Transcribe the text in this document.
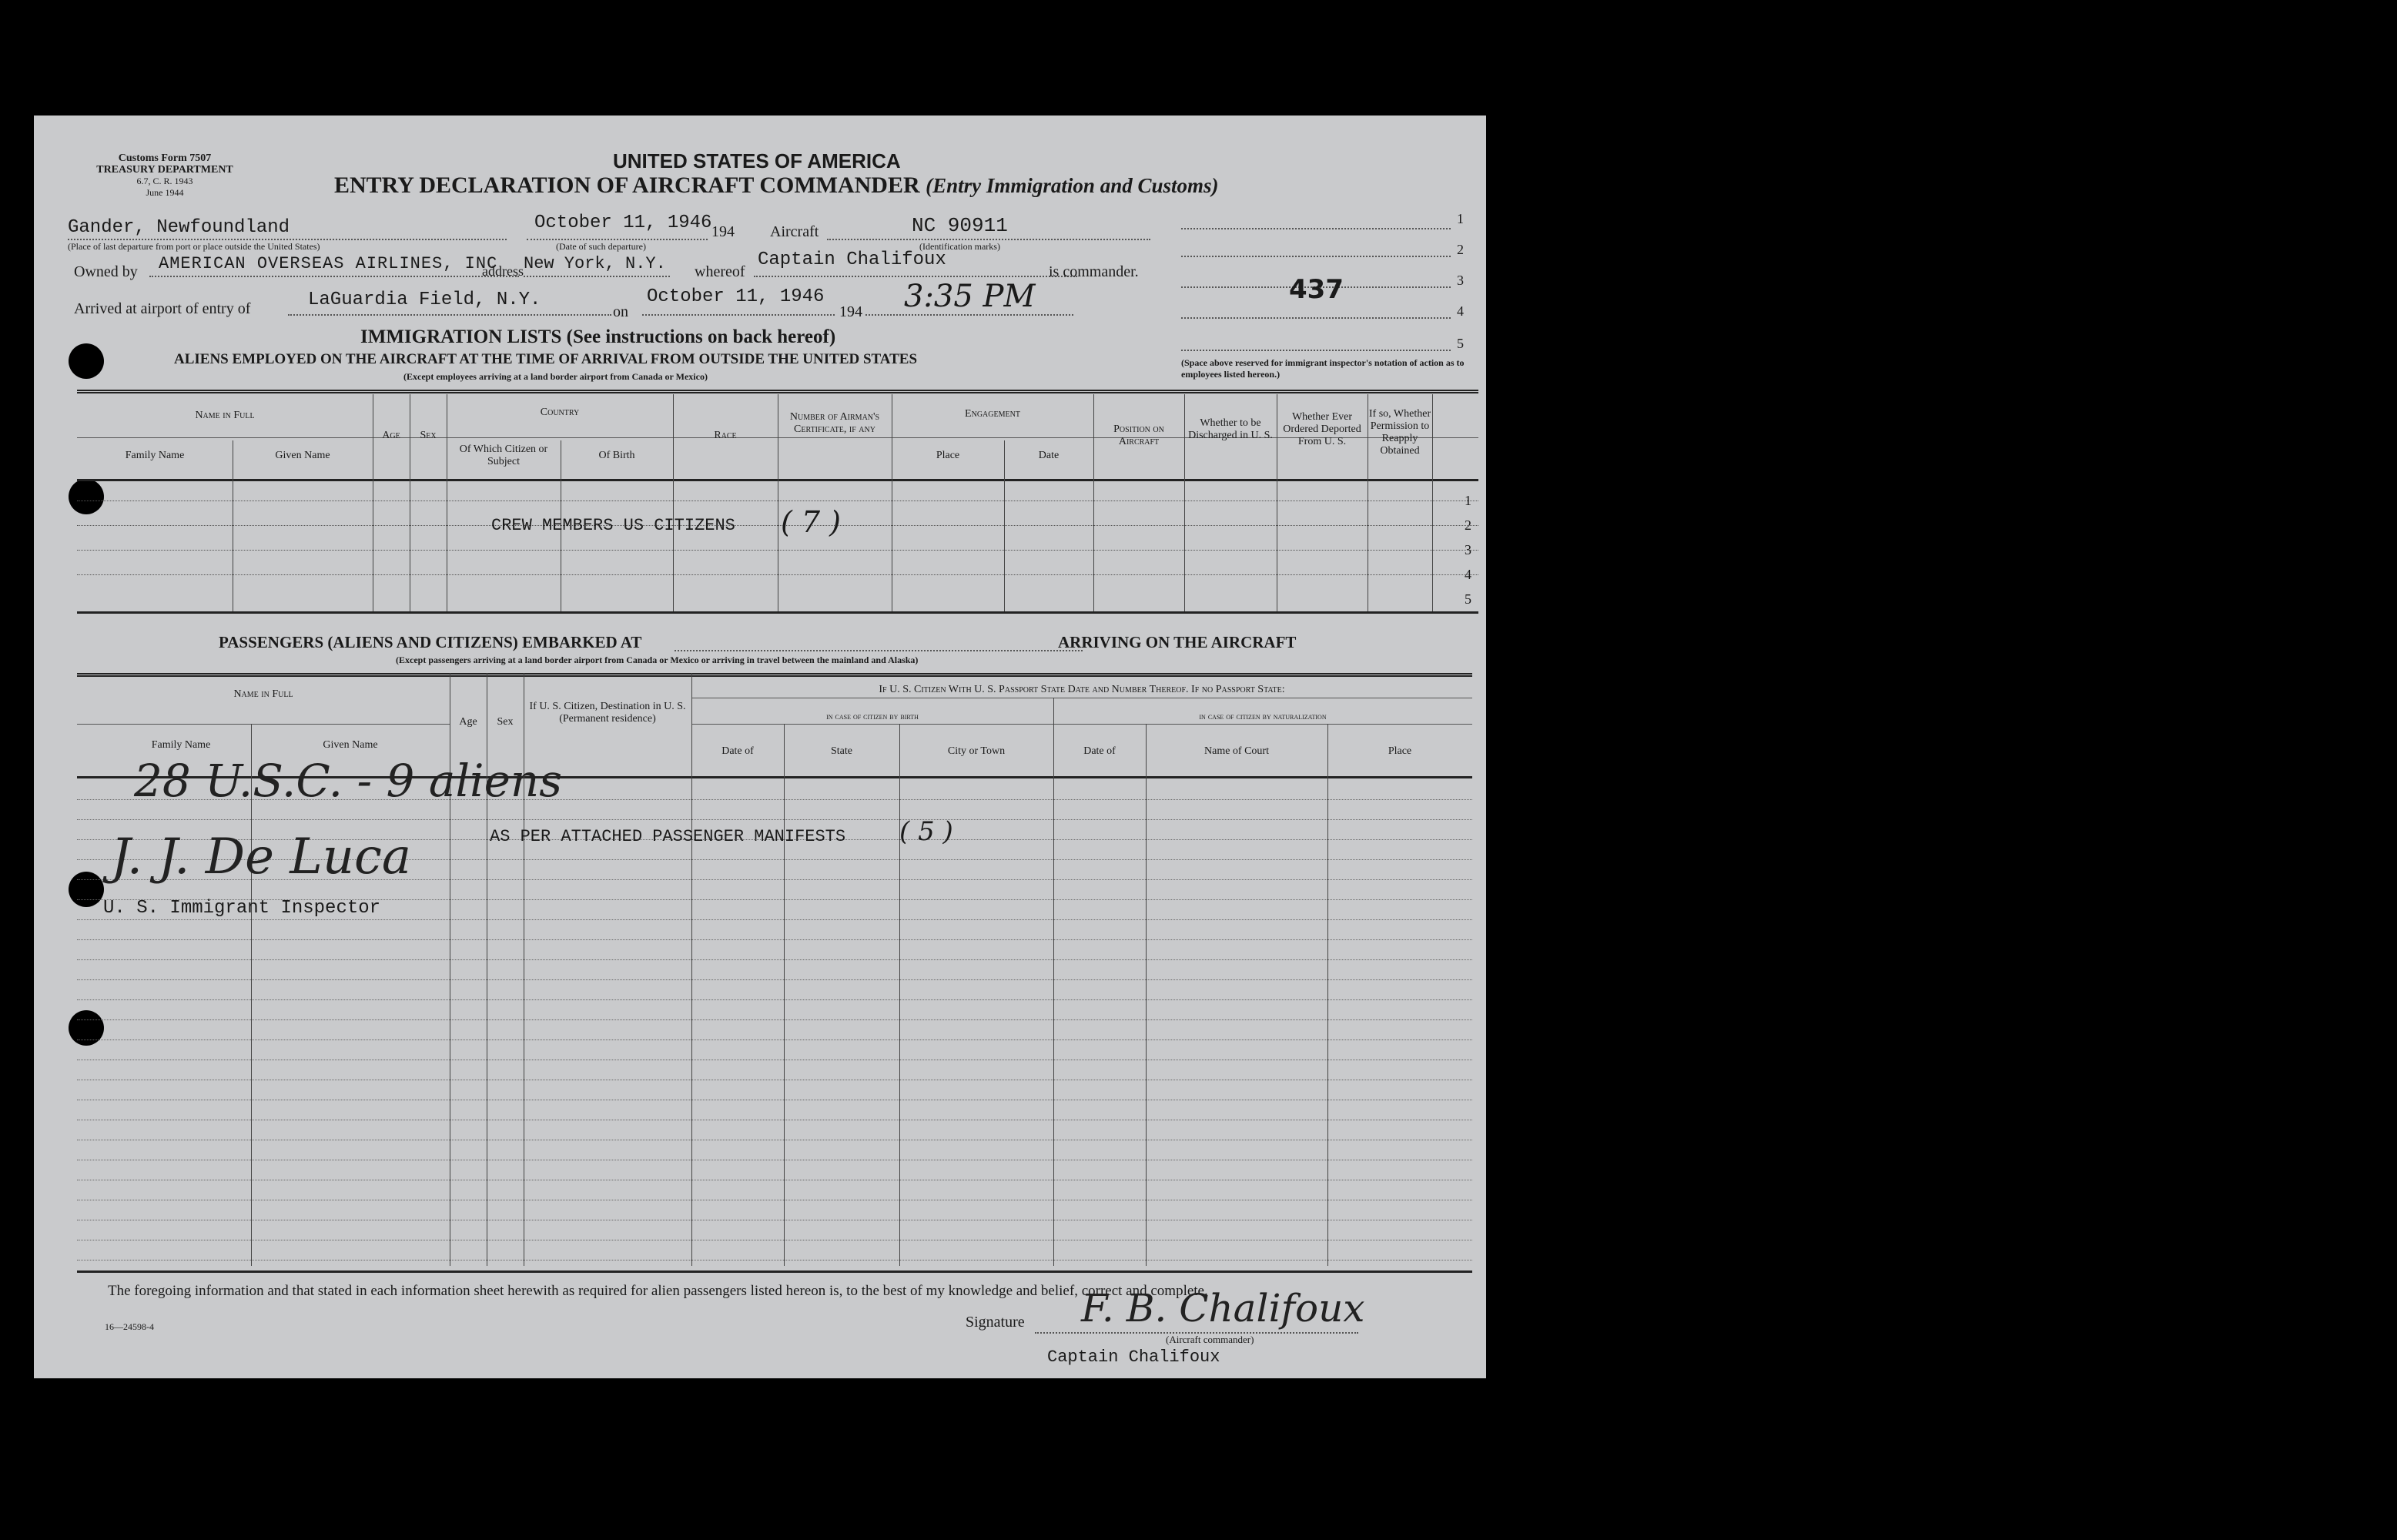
Customs Form 7507
TREASURY DEPARTMENT
6.7, C. R. 1943
June 1944
UNITED STATES OF AMERICA
ENTRY DECLARATION OF AIRCRAFT COMMANDER (Entry Immigration and Customs)
Gander, Newfoundland
(Place of last departure from port or place outside the United States)
October 11, 1946
(Date of such departure)
194 Aircraft	NC 90911
(Identification marks)
Owned by AMERICAN OVERSEAS AIRLINES, INC
address New York, N.Y. whereof
Captain Chalifoux
is commander.
Arrived at airport of entry of	LaGuardia Field, N.Y.
on
October 11, 1946
194 3:35 PM
1
2
3
4
5
437
(Space above reserved for immigrant inspector's notation of action as to employees listed hereon.)
IMMIGRATION LISTS (See instructions on back hereof)
ALIENS EMPLOYED ON THE AIRCRAFT AT THE TIME OF ARRIVAL FROM OUTSIDE THE UNITED STATES
(Except employees arriving at a land border airport from Canada or Mexico)
Name in Full
Family Name	Given Name
Age	Sex
Country
Of Which Citizen or Subject
Of Birth
Race
Number of Airman's Certificate, if any
Engagement
Place	Date
Position on Aircraft
Whether to be Discharged in U. S.
Whether Ever Ordered Deported From U. S.
If so, Whether Permission to Reapply Obtained
CREW MEMBERS US CITIZENS ( 7 )
1
2
3
4
5
PASSENGERS (ALIENS AND CITIZENS) EMBARKED AT	ARRIVING ON THE AIRCRAFT
(Except passengers arriving at a land border airport from Canada or Mexico or arriving in travel between the mainland and Alaska)
Name in Full
Family Name	Given Name
Age	Sex
If U. S. Citizen, Destination in U. S. (Permanent residence)
If U. S. Citizen With U. S. Passport State Date and Number Thereof. If no Passport State:
in case of citizen by birth	in case of citizen by naturalization
Date of	State	City or Town	Date of	Name of Court	Place
28 U.S.C. - 9 aliens
AS PER ATTACHED PASSENGER MANIFESTS ( 5 )
J. J. De Luca
U. S. Immigrant Inspector
The foregoing information and that stated in each information sheet herewith as required for alien passengers listed hereon is, to the best of my knowledge and belief, correct and complete.
16—24598-4	Signature F. B. Chalifoux
(Aircraft commander)
Captain Chalifoux
